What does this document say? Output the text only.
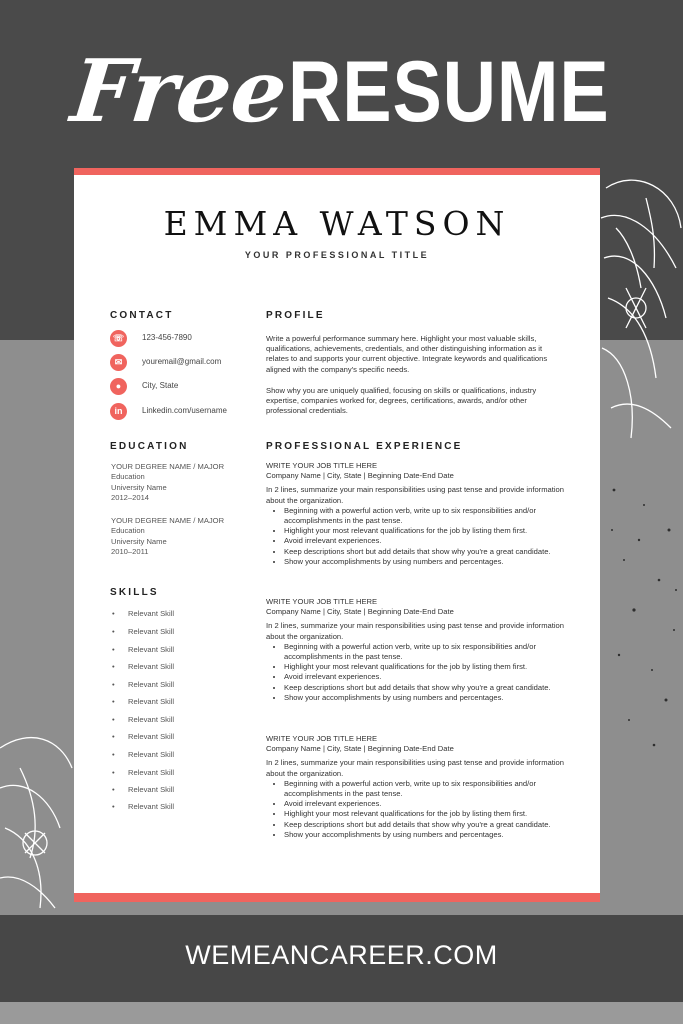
Free
RESUME
EMMA WATSON
YOUR PROFESSIONAL TITLE
CONTACT
☏	123-456-7890
✉	youremail@gmail.com
●	City, State
in	Linkedin.com/username
EDUCATION
YOUR DEGREE NAME / MAJOR
Education
University Name
2012–2014
YOUR DEGREE NAME / MAJOR
Education
University Name
2010–2011
SKILLS
• Relevant Skill
• Relevant Skill
• Relevant Skill
• Relevant Skill
• Relevant Skill
• Relevant Skill
• Relevant Skill
• Relevant Skill
• Relevant Skill
• Relevant Skill
• Relevant Skill
• Relevant Skill
PROFILE
Write a powerful performance summary here. Highlight your most valuable skills, qualifications, achievements, credentials, and other distinguishing information as it relates to and supports your current objective. Integrate keywords and qualifications aligned with the company's specific needs.
Show why you are uniquely qualified, focusing on skills or qualifications, industry expertise, companies worked for, degrees, certifications, awards, and/or other professional credentials.
PROFESSIONAL EXPERIENCE
WRITE YOUR JOB TITLE HERE
Company Name | City, State | Beginning Date-End Date
In 2 lines, summarize your main responsibilities using past tense and provide information about the organization.
• Beginning with a powerful action verb, write up to six responsibilities and/or accomplishments in the past tense.
• Highlight your most relevant qualifications for the job by listing them first.
• Avoid irrelevant experiences.
• Keep descriptions short but add details that show why you're a great candidate.
• Show your accomplishments by using numbers and percentages.
WRITE YOUR JOB TITLE HERE
Company Name | City, State | Beginning Date-End Date
In 2 lines, summarize your main responsibilities using past tense and provide information about the organization.
• Beginning with a powerful action verb, write up to six responsibilities and/or accomplishments in the past tense.
• Highlight your most relevant qualifications for the job by listing them first.
• Avoid irrelevant experiences.
• Keep descriptions short but add details that show why you're a great candidate.
• Show your accomplishments by using numbers and percentages.
WRITE YOUR JOB TITLE HERE
Company Name | City, State | Beginning Date-End Date
In 2 lines, summarize your main responsibilities using past tense and provide information about the organization.
• Beginning with a powerful action verb, write up to six responsibilities and/or accomplishments in the past tense.
• Avoid irrelevant experiences.
• Highlight your most relevant qualifications for the job by listing them first.
• Keep descriptions short but add details that show why you're a great candidate.
• Show your accomplishments by using numbers and percentages.
WEMEANCAREER.COM
